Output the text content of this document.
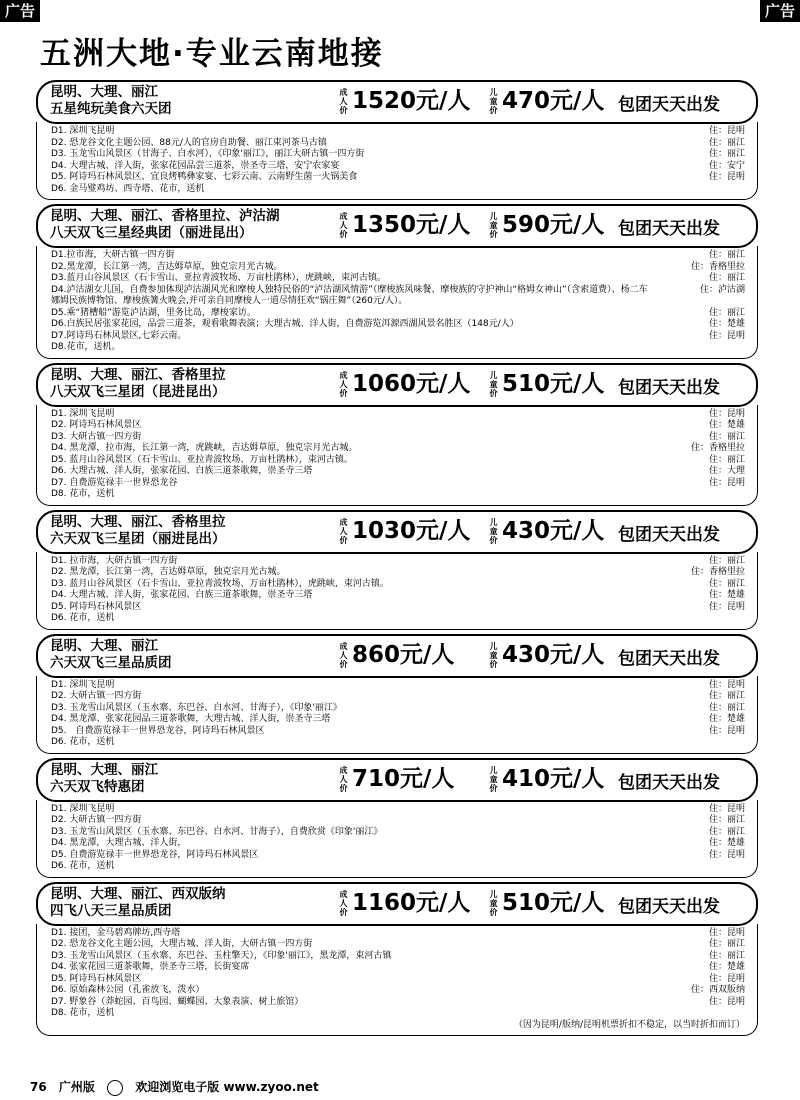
广告	广告
五洲大地·专业云南地接
昆明、大理、丽江
五星纯玩美食六天团
成人价 1520元/人 儿童价 470元/人 包团天天出发
D1. 深圳飞昆明	住：昆明
D2. 恐龙谷文化主题公园、88元/人的官房自助餐、丽江束河茶马古镇	住：丽江
D3. 玉龙雪山风景区（甘海子、白水河），《印象'丽江》，丽江大研古镇一四方街	住：丽江
D4. 大理古城、洋人街，张家花园品尝三道茶，崇圣寺三塔，安宁农家宴	住：安宁
D5. 阿诗玛石林风景区、宜良烤鸭彝家宴、七彩云南、云南野生菌一火锅美食	住：昆明
D6. 金马璧鸡坊、西寺塔、花市，送机
昆明、大理、丽江、香格里拉、泸沽湖
八天双飞三星经典团（丽进昆出）
成人价 1350元/人 儿童价 590元/人 包团天天出发
D1.拉市海，大研古镇一四方街	住：丽江
D2.黑龙潭，长江第一湾，吉达姆草原，独克宗月光古城。	住：香格里拉
D3.蓝月山谷风景区（石卡雪山、亚拉青波牧场、万亩杜鹃林），虎跳峡，束河古镇。	住：丽江
D4.泸沽湖女儿国，自费参加体现泸沽湖风光和摩梭人独特民俗的“泸沽湖风情游”（摩梭族风味餐、摩梭族的守护神山“格姆女神山”（含索道费）、杨二车娜姆民族博物馆、摩梭族篝火晚会,并可亲自同摩梭人一道尽情狂欢“锅庄舞”（260元/人）。
住：泸沽湖
D5.乘“猪槽船”游览泸沽湖，里务比岛，摩梭家访。	住：丽江
D6.白族民居张家花园，品尝三道茶，观看歌舞表演；大理古城、洋人街，自费游览洱源西湖风景名胜区（148元/人）	住：楚雄
D7.阿诗玛石林风景区,七彩云南。	住：昆明
D8.花市，送机。
昆明、大理、丽江、香格里拉
八天双飞三星团（昆进昆出）
成人价 1060元/人 儿童价 510元/人 包团天天出发
D1. 深圳飞昆明	住：昆明
D2. 阿诗玛石林风景区	住：楚雄
D3. 大研古镇一四方街	住：丽江
D4. 黑龙潭，拉市海，长江第一湾，虎跳峡，吉达姆草原，独克宗月光古城。	住：香格里拉
D5. 蓝月山谷风景区（石卡雪山、亚拉青波牧场、万亩杜鹃林），束河古镇。	住：丽江
D6. 大理古城、洋人街，张家花园、白族三道茶歌舞，崇圣寺三塔	住：大理
D7. 自费游览禄丰一世界恐龙谷	住：昆明
D8. 花市，送机
昆明、大理、丽江、香格里拉
六天双飞三星团（丽进昆出）
成人价 1030元/人 儿童价 430元/人 包团天天出发
D1. 拉市海，大研古镇一四方街	住：丽江
D2. 黑龙潭，长江第一湾，吉达姆草原，独克宗月光古城。	住：香格里拉
D3. 蓝月山谷风景区（石卡雪山、亚拉青波牧场、万亩杜鹃林），虎跳峡，束河古镇。	住：丽江
D4. 大理古城、洋人街，张家花园、白族三道茶歌舞，崇圣寺三塔	住：楚雄
D5. 阿诗玛石林风景区	住：昆明
D6. 花市，送机
昆明、大理、丽江
六天双飞三星品质团
成人价 860元/人	儿童价 430元/人 包团天天出发
D1. 深圳飞昆明	住：昆明
D2. 大研古镇一四方街	住：丽江
D3. 玉龙雪山风景区（玉水寨、东巴谷、白水河、甘海子），《印象'丽江》	住：丽江
D4. 黑龙潭、张家花园品三道茶歌舞，大理古城、洋人街，崇圣寺三塔	住：楚雄
D5.　自费游览禄丰一世界恐龙谷，阿诗玛石林风景区	住：昆明
D6. 花市，送机
昆明、大理、丽江
六天双飞特惠团
成人价 710元/人	儿童价 410元/人 包团天天出发
D1. 深圳飞昆明	住：昆明
D2. 大研古镇一四方街	住：丽江
D3. 玉龙雪山风景区（玉水寨、东巴谷、白水河、甘海子），自费欣赏《印象'丽江》	住：丽江
D4. 黑龙潭，大理古城、洋人街，	住：楚雄
D5. 自费游览禄丰一世界恐龙谷，阿诗玛石林风景区	住：昆明
D6. 花市，送机
昆明、大理、丽江、西双版纳
四飞八天三星品质团
成人价 1160元/人 儿童价 510元/人 包团天天出发
D1. 接团，金马碧鸡牌坊,西寺塔	住：昆明
D2. 恐龙谷文化主题公园，大理古城、洋人街，大研古镇一四方街	住：丽江
D3. 玉龙雪山风景区（玉水寨、东巴谷、玉柱擎天），《印象'丽江》，黑龙潭，束河古镇	住：丽江
D4. 张家花园三道茶歌舞，崇圣寺三塔，长街宴席	住：楚雄
D5. 阿诗玛石林风景区	住：昆明
D6. 原始森林公园（孔雀放飞，泼水）	住：西双版纳
D7. 野象谷（莽蛇园、百鸟园、蝴蝶园、大象表演、树上旅馆）	住：昆明
D8. 花市，送机
（因为昆明/版纳/昆明机票折扣不稳定，以当时折扣而订）
76 广州版	欢迎浏览电子版 www.zyoo.net
